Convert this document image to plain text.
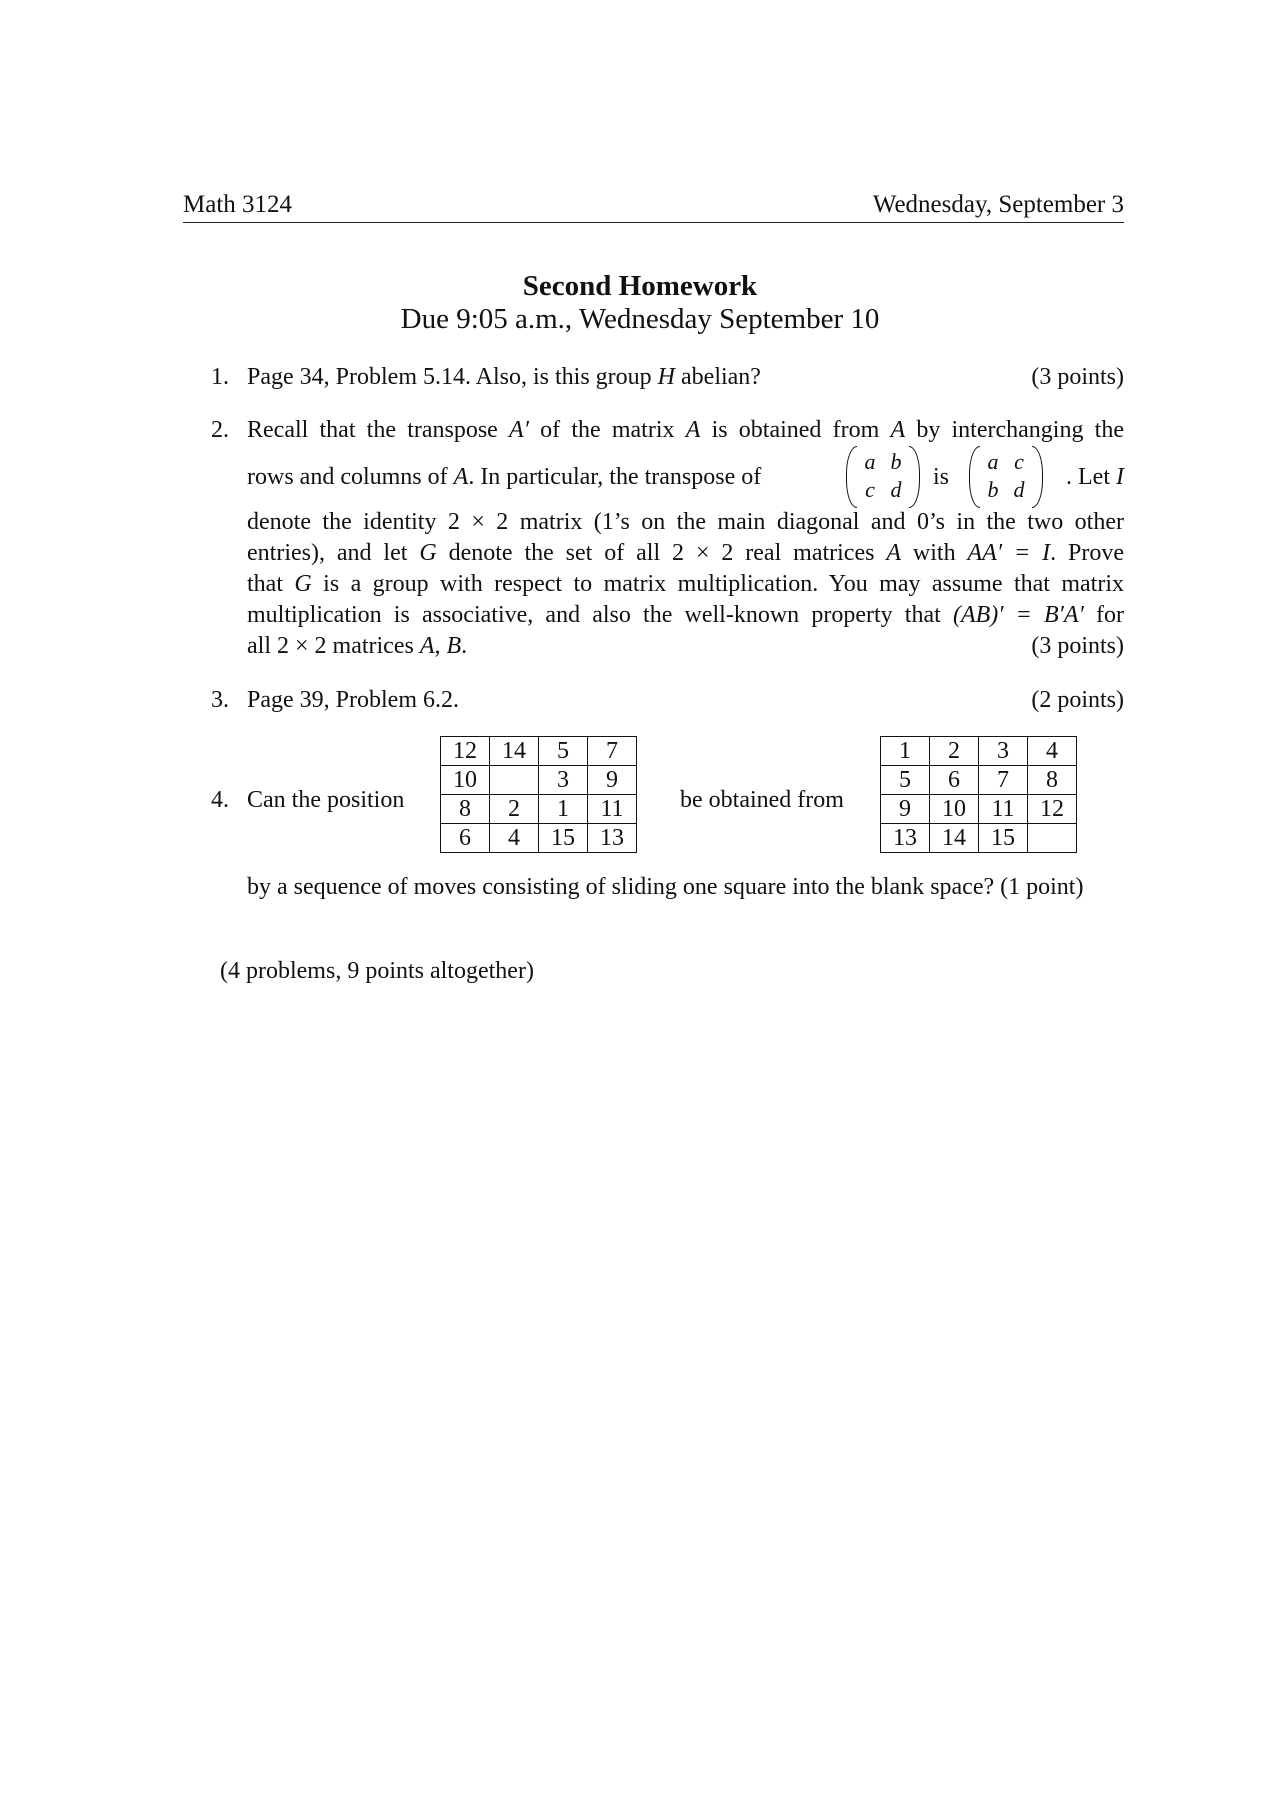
Math 3124	Wednesday, September 3
Second Homework
Due 9:05 a.m., Wednesday September 10
1. Page 34, Problem 5.14. Also, is this group H abelian?	(3 points)
2. Recall that the transpose A′ of the matrix A is obtained from A by interchanging the
rows and columns of A. In particular, the transpose of
a b
c d is
a c
b d . Let I
denote the identity 2 × 2 matrix (1’s on the main diagonal and 0’s in the two other
entries), and let G denote the set of all 2 × 2 real matrices A with AA′ = I. Prove
that G is a group with respect to matrix multiplication. You may assume that matrix
multiplication is associative, and also the well-known property that (AB)′ = B′A′ for
all 2 × 2 matrices A, B.	(3 points)
3. Page 39, Problem 6.2.	(2 points)
4. Can the position
12	14	5	7
10		3	9
8	2	1	11
6	4	15	13
be obtained from
1	2	3	4
5	6	7	8
9	10	11	12
13	14	15	
by a sequence of moves consisting of sliding one square into the blank space? (1 point)
(4 problems, 9 points altogether)
